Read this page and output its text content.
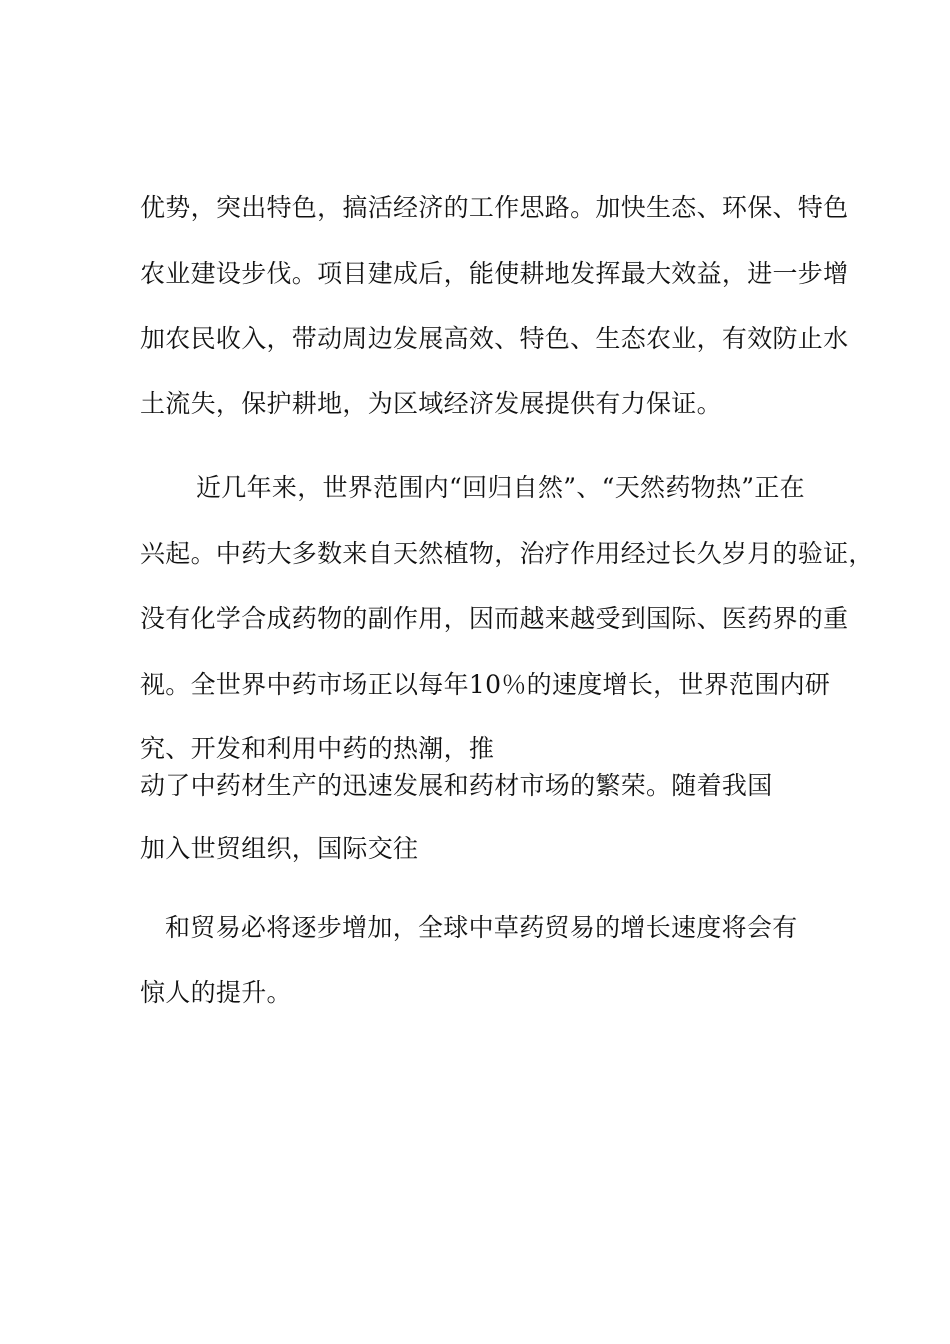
优势，突出特色，搞活经济的工作思路。加快生态、环保、特色
农业建设步伐。项目建成后，能使耕地发挥最大效益，进一步增
加农民收入，带动周边发展高效、特色、生态农业，有效防止水
土流失，保护耕地，为区域经济发展提供有力保证。
近几年来，世界范围内“回归自然”、“天然药物热”正在
兴起。中药大多数来自天然植物，治疗作用经过长久岁月的验证，
没有化学合成药物的副作用，因而越来越受到国际、医药界的重
视。全世界中药市场正以每年10％的速度增长，世界范围内研
究、开发和利用中药的热潮，推
动了中药材生产的迅速发展和药材市场的繁荣。随着我国
加入世贸组织，国际交往
和贸易必将逐步增加，全球中草药贸易的增长速度将会有
惊人的提升。
